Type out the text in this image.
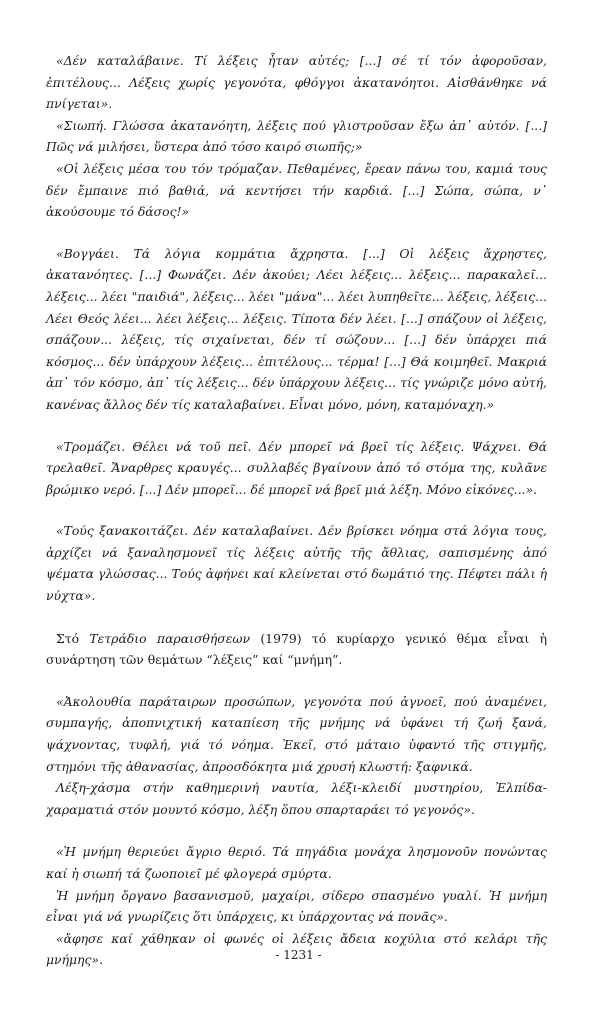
«Δέν καταλάβαινε. Τί λέξεις ἦταν αὐτές; [...] σέ τί τόν ἀφοροῦσαν, ἐπιτέλους... Λέξεις χωρίς γεγονότα, φθόγγοι ἀκατανόητοι. Αἰσθάνθηκε νά πνίγεται».

«Σιωπή. Γλώσσα ἀκατανόητη, λέξεις πού γλιστροῦσαν ἔξω ἀπ᾽ αὐτόν. [...] Πῶς νά μιλήσει, ὕστερα ἀπό τόσο καιρό σιωπῆς;»

«Οἱ λέξεις μέσα του τόν τρόμαζαν. Πεθαμένες, ἔρεαν πάνω του, καμιά τους δέν ἔμπαινε πιό βαθιά, νά κεντήσει τήν καρδιά. [...] Σώπα, σώπα, ν᾽ ἀκούσουμε τό δάσος!»

«Βογγάει. Τά λόγια κομμάτια ἄχρηστα. [...] Οἱ λέξεις ἄχρηστες, ἀκατανόητες. [...] Φωνάζει. Δέν ἀκούει; Λέει λέξεις... λέξεις... παρακαλεῖ... λέξεις... λέει "παιδιά", λέξεις... λέει "μάνα"... λέει λυπηθεῖτε... λέξεις, λέξεις... Λέει Θεός λέει... λέει λέξεις... λέξεις. Τίποτα δέν λέει. [...] σπάζουν οἱ λέξεις, σπάζουν... λέξεις, τίς σιχαίνεται, δέν τί σώζουν... [...] δέν ὑπάρχει πιά κόσμος... δέν ὑπάρχουν λέξεις... ἐπιτέλους... τέρμα! [...] Θά κοιμηθεῖ. Μακριά ἀπ᾽ τόν κόσμο, ἀπ᾽ τίς λέξεις... δέν ὑπάρχουν λέξεις... τίς γνώριζε μόνο αὐτή, κανένας ἄλλος δέν τίς καταλαβαίνει. Εἶναι μόνο, μόνη, καταμόναχη.»

«Τρομάζει. Θέλει νά τοῦ πεῖ. Δέν μπορεῖ νά βρεῖ τίς λέξεις. Ψάχνει. Θά τρελαθεῖ. Ἄναρθρες κραυγές... συλλαβές βγαίνουν ἀπό τό στόμα της, κυλᾶνε βρώμικο νερό. [...] Δέν μπορεῖ... δέ μπορεῖ νά βρεῖ μιά λέξη. Μόνο εἰκόνες...».

«Τούς ξανακοιτάζει. Δέν καταλαβαίνει. Δέν βρίσκει νόημα στά λόγια τους, ἀρχίζει νά ξαναλησμονεῖ τίς λέξεις αὐτῆς τῆς ἄθλιας, σαπισμένης ἀπό ψέματα γλώσσας... Τούς ἀφήνει καί κλείνεται στό δωμάτιό της. Πέφτει πάλι ἡ νύχτα».

Στό Τετράδιο παραισθήσεων (1979) τό κυρίαρχο γενικό θέμα εἶναι ἡ συνάρτηση τῶν θεμάτων “λέξεις” καί “μνήμη”.

«Ἀκολουθία παράταιρων προσώπων, γεγονότα πού ἀγνοεῖ, πού ἀναμένει, συμπαγής, ἀποπνιχτική καταπίεση τῆς μνήμης νά ὑφάνει τή ζωή ξανά, ψάχνοντας, τυφλή, γιά τό νόημα. Ἐκεῖ, στό μάταιο ὑφαντό τῆς στιγμῆς, στημόνι τῆς ἀθανασίας, ἀπροσδόκητα μιά χρυσή κλωστή: ξαφνικά.

Λέξη-χάσμα στήν καθημερινή ναυτία, λέξι-κλειδί μυστηρίου, Ἐλπίδα-χαραματιά στόν μουντό κόσμο, λέξη ὅπου σπαρταράει τό γεγονός».

«Ἡ μνήμη θεριεύει ἄγριο θεριό. Τά πηγάδια μονάχα λησμονοῦν πονώντας καί ἡ σιωπή τά ζωοποιεῖ μέ φλογερά σμύρτα.

Ἡ μνήμη ὄργανο βασανισμοῦ, μαχαίρι, σίδερο σπασμένο γυαλί. Ἡ μνήμη εἶναι γιά νά γνωρίζεις ὅτι ὑπάρχεις, κι ὑπάρχοντας νά πονᾶς».

«ἄφησε καί χάθηκαν οἱ φωνές οἱ λέξεις ἄδεια κοχύλια στό κελάρι τῆς μνήμης».	- 1231 -
